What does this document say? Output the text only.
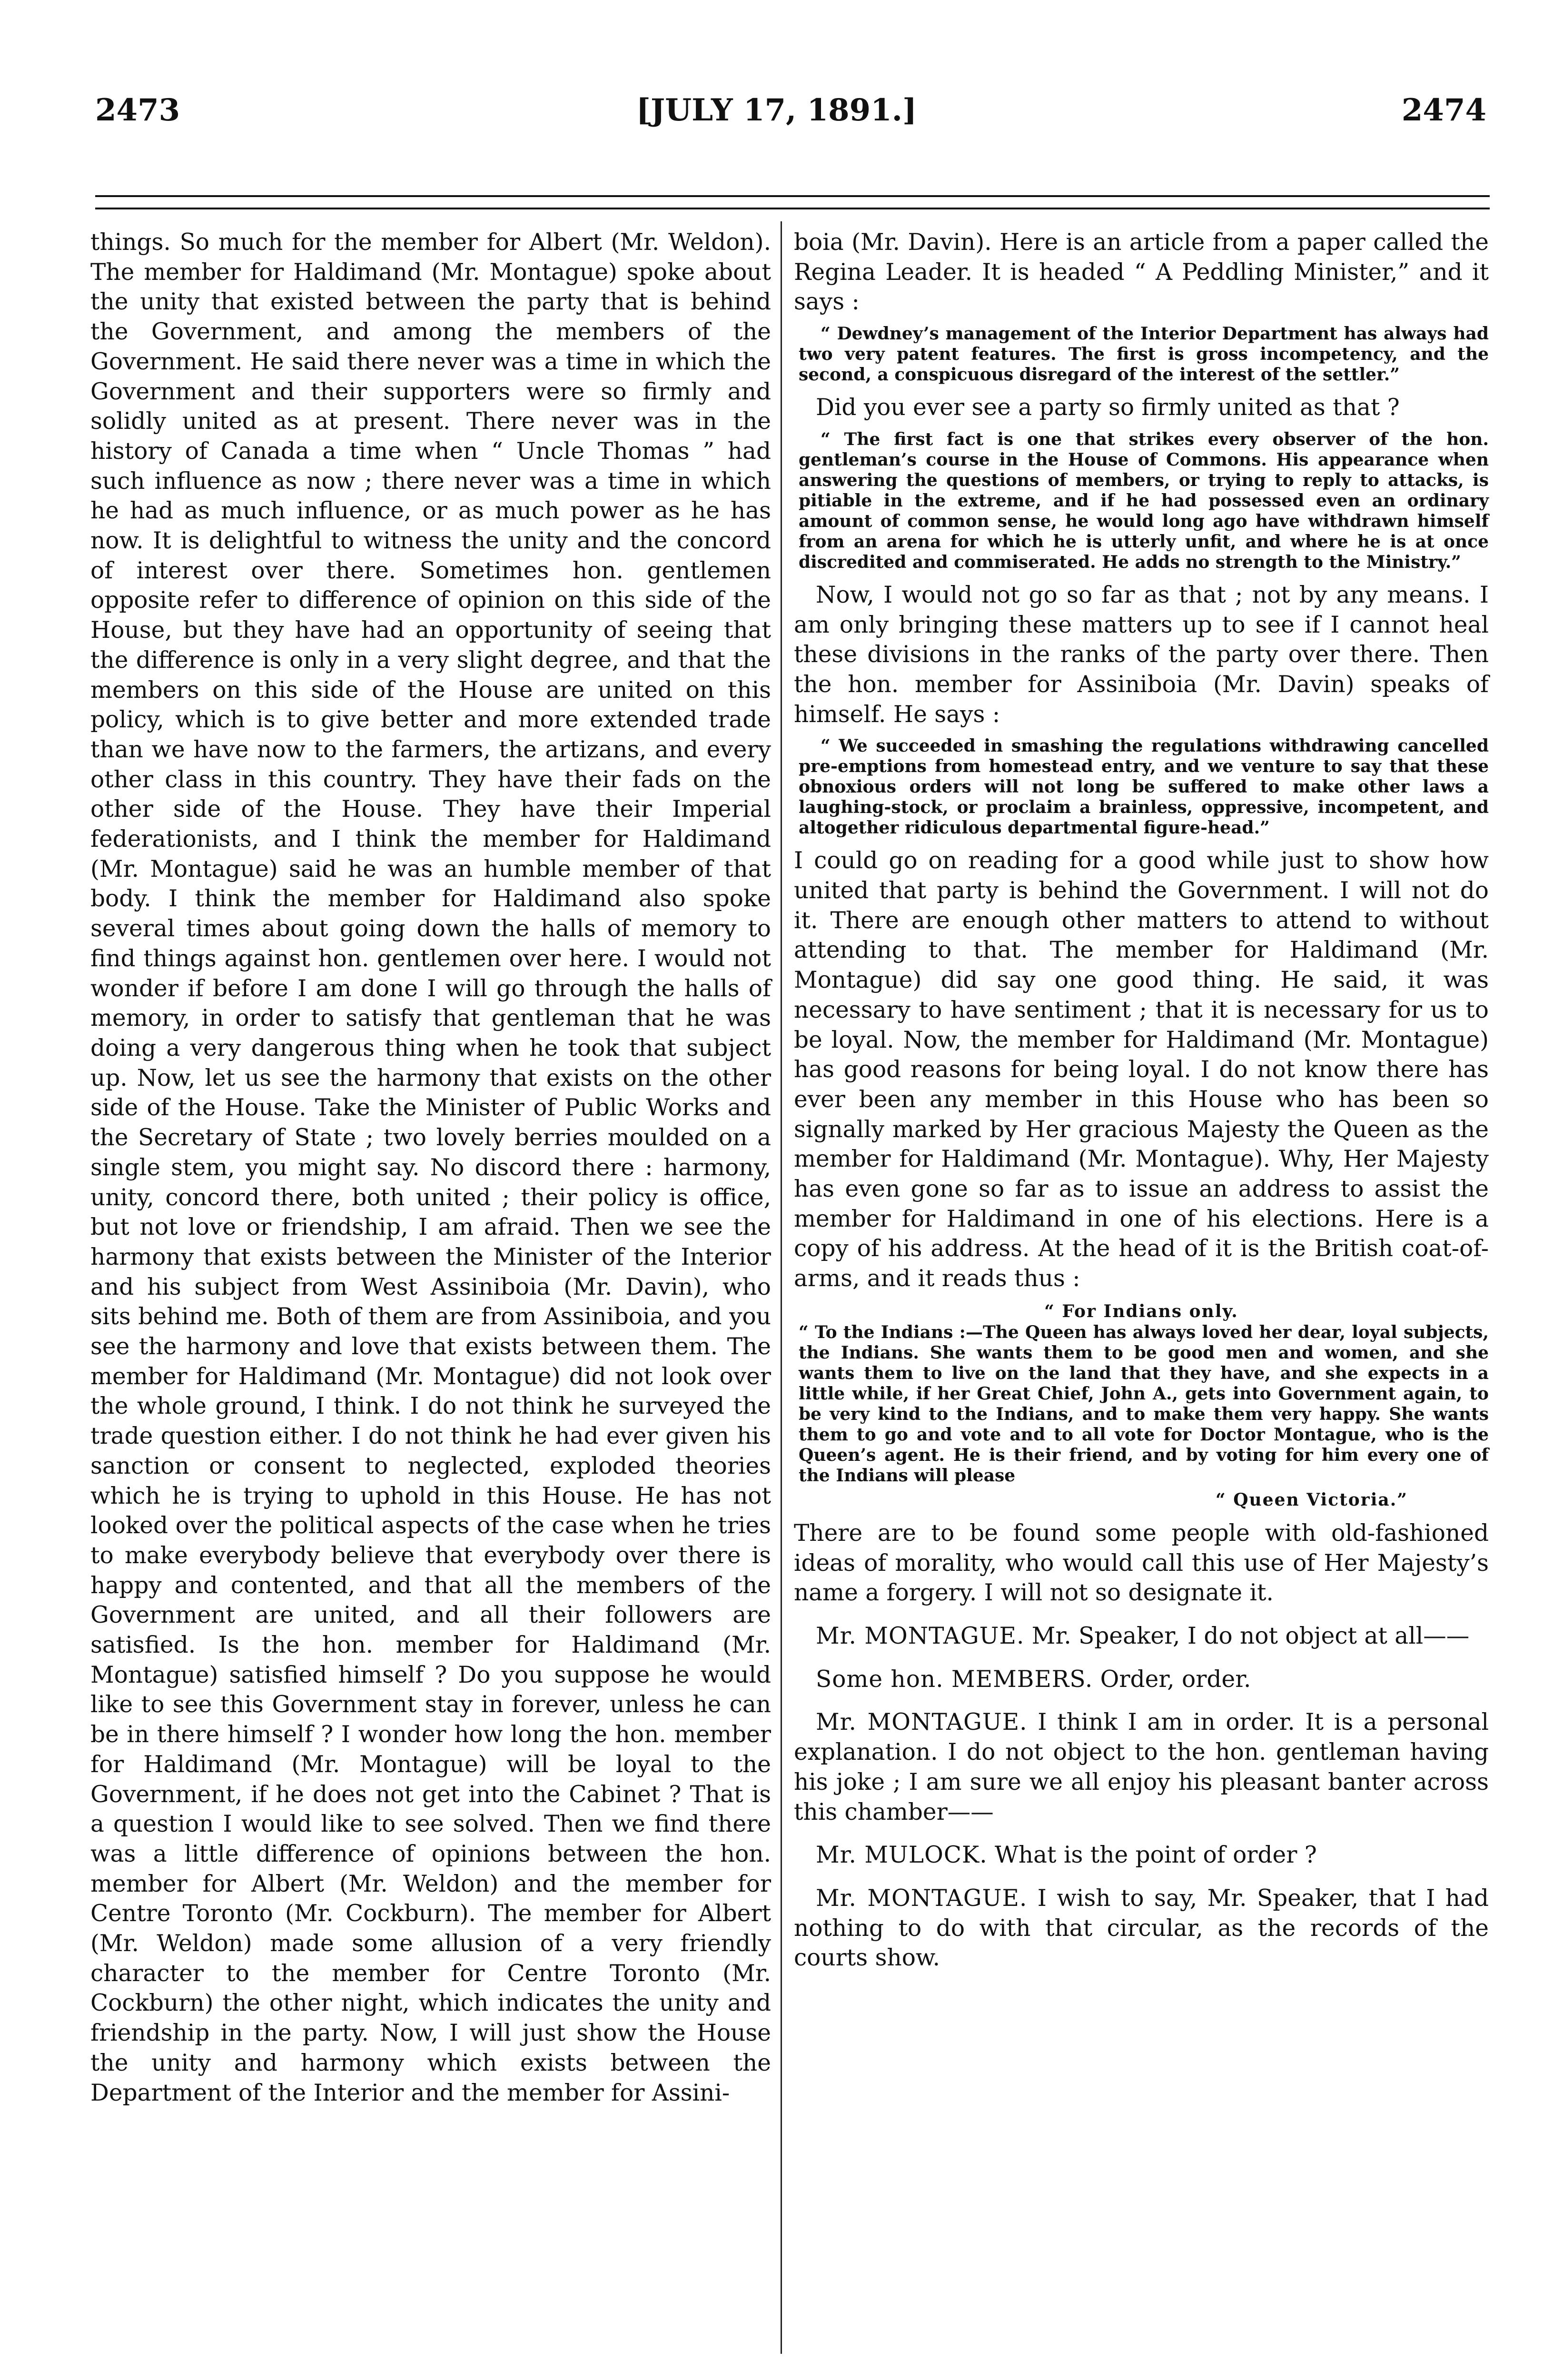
2473	[JULY 17, 1891.]	2474

things. So much for the member for Albert (Mr. Weldon). The member for Haldimand (Mr. Montague) spoke about the unity that existed between the party that is behind the Government, and among the members of the Government. He said there never was a time in which the Government and their supporters were so firmly and solidly united as at present. There never was in the history of Canada a time when “ Uncle Thomas ” had such influence as now ; there never was a time in which he had as much influence, or as much power as he has now. It is delightful to witness the unity and the concord of interest over there. Sometimes hon. gentlemen opposite refer to difference of opinion on this side of the House, but they have had an opportunity of seeing that the difference is only in a very slight degree, and that the members on this side of the House are united on this policy, which is to give better and more extended trade than we have now to the farmers, the artizans, and every other class in this country. They have their fads on the other side of the House. They have their Imperial federationists, and I think the member for Haldimand (Mr. Montague) said he was an humble member of that body. I think the member for Haldimand also spoke several times about going down the halls of memory to find things against hon. gentlemen over here. I would not wonder if before I am done I will go through the halls of memory, in order to satisfy that gentleman that he was doing a very dangerous thing when he took that subject up. Now, let us see the harmony that exists on the other side of the House. Take the Minister of Public Works and the Secretary of State ; two lovely berries moulded on a single stem, you might say. No discord there : harmony, unity, concord there, both united ; their policy is office, but not love or friendship, I am afraid. Then we see the harmony that exists between the Minister of the Interior and his subject from West Assiniboia (Mr. Davin), who sits behind me. Both of them are from Assiniboia, and you see the harmony and love that exists between them. The member for Haldimand (Mr. Montague) did not look over the whole ground, I think. I do not think he surveyed the trade question either. I do not think he had ever given his sanction or consent to neglected, exploded theories which he is trying to uphold in this House. He has not looked over the political aspects of the case when he tries to make everybody believe that everybody over there is happy and contented, and that all the members of the Government are united, and all their followers are satisfied. Is the hon. member for Haldimand (Mr. Montague) satisfied himself ? Do you suppose he would like to see this Government stay in forever, unless he can be in there himself ? I wonder how long the hon. member for Haldimand (Mr. Montague) will be loyal to the Government, if he does not get into the Cabinet ? That is a question I would like to see solved. Then we find there was a little difference of opinions between the hon. member for Albert (Mr. Weldon) and the member for Centre Toronto (Mr. Cockburn). The member for Albert (Mr. Weldon) made some allusion of a very friendly character to the member for Centre Toronto (Mr. Cockburn) the other night, which indicates the unity and friendship in the party. Now, I will just show the House the unity and harmony which exists between the Department of the Interior and the member for Assini-

boia (Mr. Davin). Here is an article from a paper called the Regina Leader. It is headed “ A Peddling Minister,” and it says :

“ Dewdney’s management of the Interior Department has always had two very patent features. The first is gross incompetency, and the second, a conspicuous disregard of the interest of the settler.”

Did you ever see a party so firmly united as that ?

“ The first fact is one that strikes every observer of the hon. gentleman’s course in the House of Commons. His appearance when answering the questions of members, or trying to reply to attacks, is pitiable in the extreme, and if he had possessed even an ordinary amount of common sense, he would long ago have withdrawn himself from an arena for which he is utterly unfit, and where he is at once discredited and commiserated. He adds no strength to the Ministry.”

Now, I would not go so far as that ; not by any means. I am only bringing these matters up to see if I cannot heal these divisions in the ranks of the party over there. Then the hon. member for Assiniboia (Mr. Davin) speaks of himself. He says :

“ We succeeded in smashing the regulations withdrawing cancelled pre-emptions from homestead entry, and we venture to say that these obnoxious orders will not long be suffered to make other laws a laughing-stock, or proclaim a brainless, oppressive, incompetent, and altogether ridiculous departmental figure-head.”

I could go on reading for a good while just to show how united that party is behind the Government. I will not do it. There are enough other matters to attend to without attending to that. The member for Haldimand (Mr. Montague) did say one good thing. He said, it was necessary to have sentiment ; that it is necessary for us to be loyal. Now, the member for Haldimand (Mr. Montague) has good reasons for being loyal. I do not know there has ever been any member in this House who has been so signally marked by Her gracious Majesty the Queen as the member for Haldimand (Mr. Montague). Why, Her Majesty has even gone so far as to issue an address to assist the member for Haldimand in one of his elections. Here is a copy of his address. At the head of it is the British coat-of-arms, and it reads thus :

“ For Indians only.

“ To the Indians :—The Queen has always loved her dear, loyal subjects, the Indians. She wants them to be good men and women, and she wants them to live on the land that they have, and she expects in a little while, if her Great Chief, John A., gets into Government again, to be very kind to the Indians, and to make them very happy. She wants them to go and vote and to all vote for Doctor Montague, who is the Queen’s agent. He is their friend, and by voting for him every one of the Indians will please

“ Queen Victoria.”

There are to be found some people with old-fashioned ideas of morality, who would call this use of Her Majesty’s name a forgery. I will not so designate it.

Mr. MONTAGUE. Mr. Speaker, I do not object at all——

Some hon. MEMBERS. Order, order.

Mr. MONTAGUE. I think I am in order. It is a personal explanation. I do not object to the hon. gentleman having his joke ; I am sure we all enjoy his pleasant banter across this chamber——

Mr. MULOCK. What is the point of order ?

Mr. MONTAGUE. I wish to say, Mr. Speaker, that I had nothing to do with that circular, as the records of the courts show.
